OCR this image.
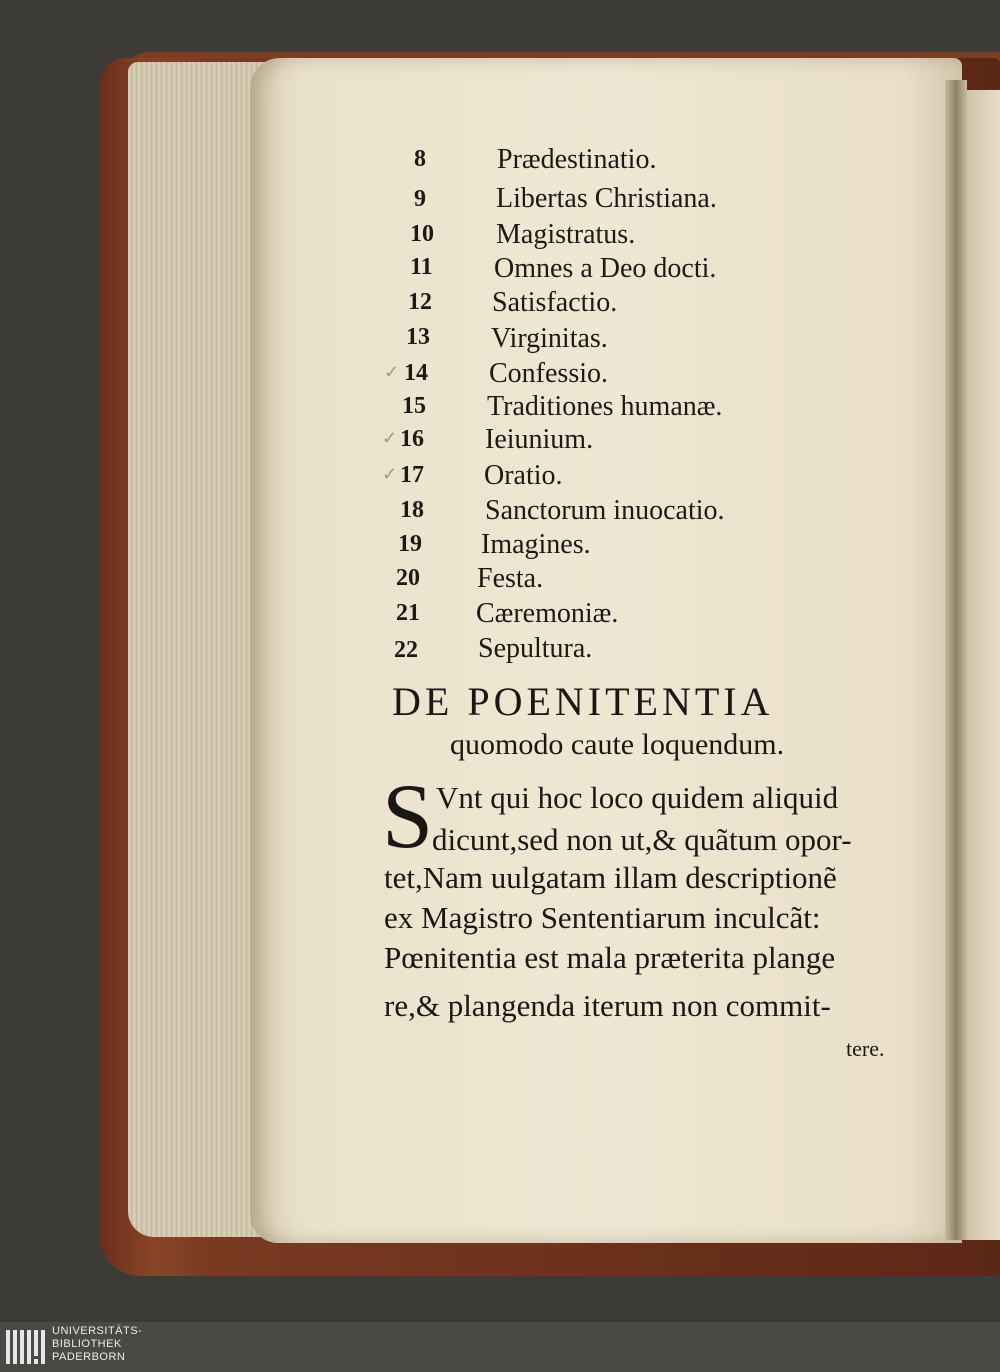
8	Prædestinatio.
9	Libertas Christiana.
10 Magistratus.
11 Omnes a Deo docti.
12 Satisfactio.
13 Virginitas.
14 Confessio.
15 Traditiones humanæ.
16 Ieiunium.
17 Oratio.
18 Sanctorum inuocatio.
19 Imagines.
20 Festa.
21 Cæremoniæ.
22 Sepultura.
✓
✓
✓
DE POENITENTIA
quomodo caute loquendum.
S Vnt qui hoc loco quidem aliquid
dicunt,sed non ut,& quãtum opor-
tet,Nam uulgatam illam descriptionẽ
ex Magistro Sententiarum inculcãt:
Pœnitentia est mala præterita plange
re,& plangenda iterum non commit-
tere.
UNIVERSITÄTS-
BIBLIOTHEK
PADERBORN
